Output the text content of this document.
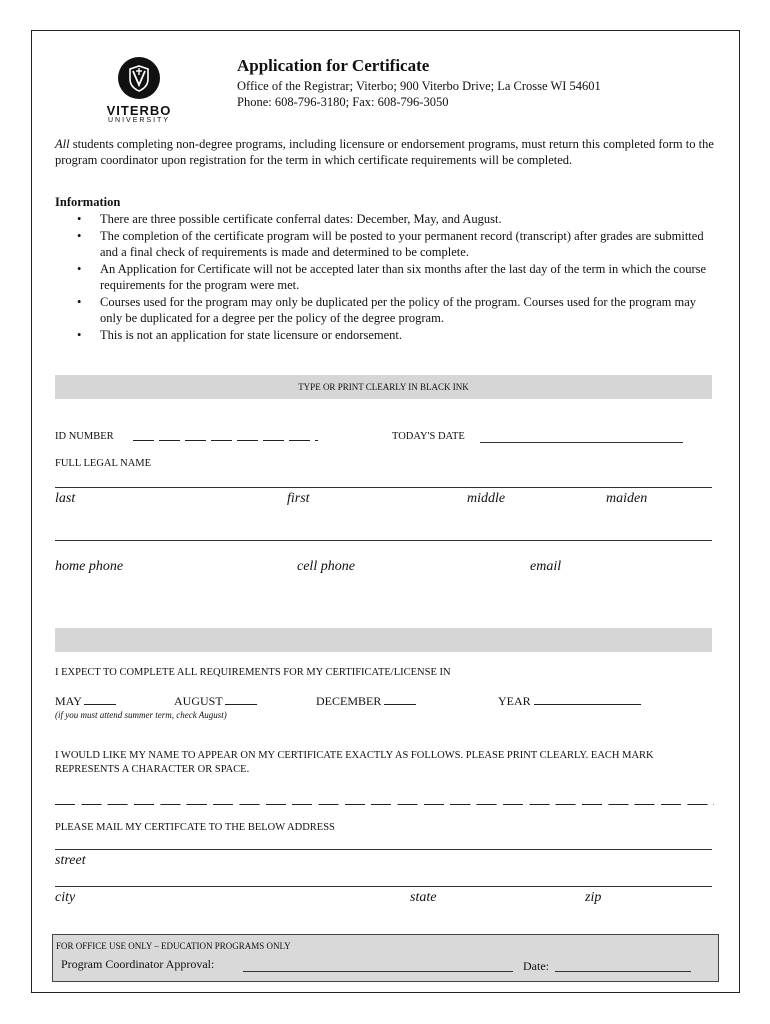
VITERBO
UNIVERSITY
Application for Certificate
Office of the Registrar; Viterbo; 900 Viterbo Drive; La Crosse WI 54601
Phone: 608-796-3180; Fax: 608-796-3050
All students completing non-degree programs, including licensure or endorsement programs, must return this completed form to the program coordinator upon registration for the term in which certificate requirements will be completed.
Information
• There are three possible certificate conferral dates: December, May, and August.
• The completion of the certificate program will be posted to your permanent record (transcript) after grades are submitted and a final check of requirements is made and determined to be complete.
• An Application for Certificate will not be accepted later than six months after the last day of the term in which the course requirements for the program were met.
• Courses used for the program may only be duplicated per the policy of the program. Courses used for the program may only be duplicated for a degree per the policy of the degree program.
• This is not an application for state licensure or endorsement.
TYPE OR PRINT CLEARLY IN BLACK INK
ID NUMBER	TODAY'S DATE
FULL LEGAL NAME
last	first	middle	maiden
home phone	cell phone	email
I EXPECT TO COMPLETE ALL REQUIREMENTS FOR MY CERTIFICATE/LICENSE IN
MAY	AUGUST	DECEMBER	YEAR
(if you must attend summer term, check August)
I WOULD LIKE MY NAME TO APPEAR ON MY CERTIFICATE EXACTLY AS FOLLOWS. PLEASE PRINT CLEARLY. EACH MARK REPRESENTS A CHARACTER OR SPACE.
PLEASE MAIL MY CERTIFCATE TO THE BELOW ADDRESS
street
city	state	zip
FOR OFFICE USE ONLY – EDUCATION PROGRAMS ONLY
Program Coordinator Approval:	Date:
